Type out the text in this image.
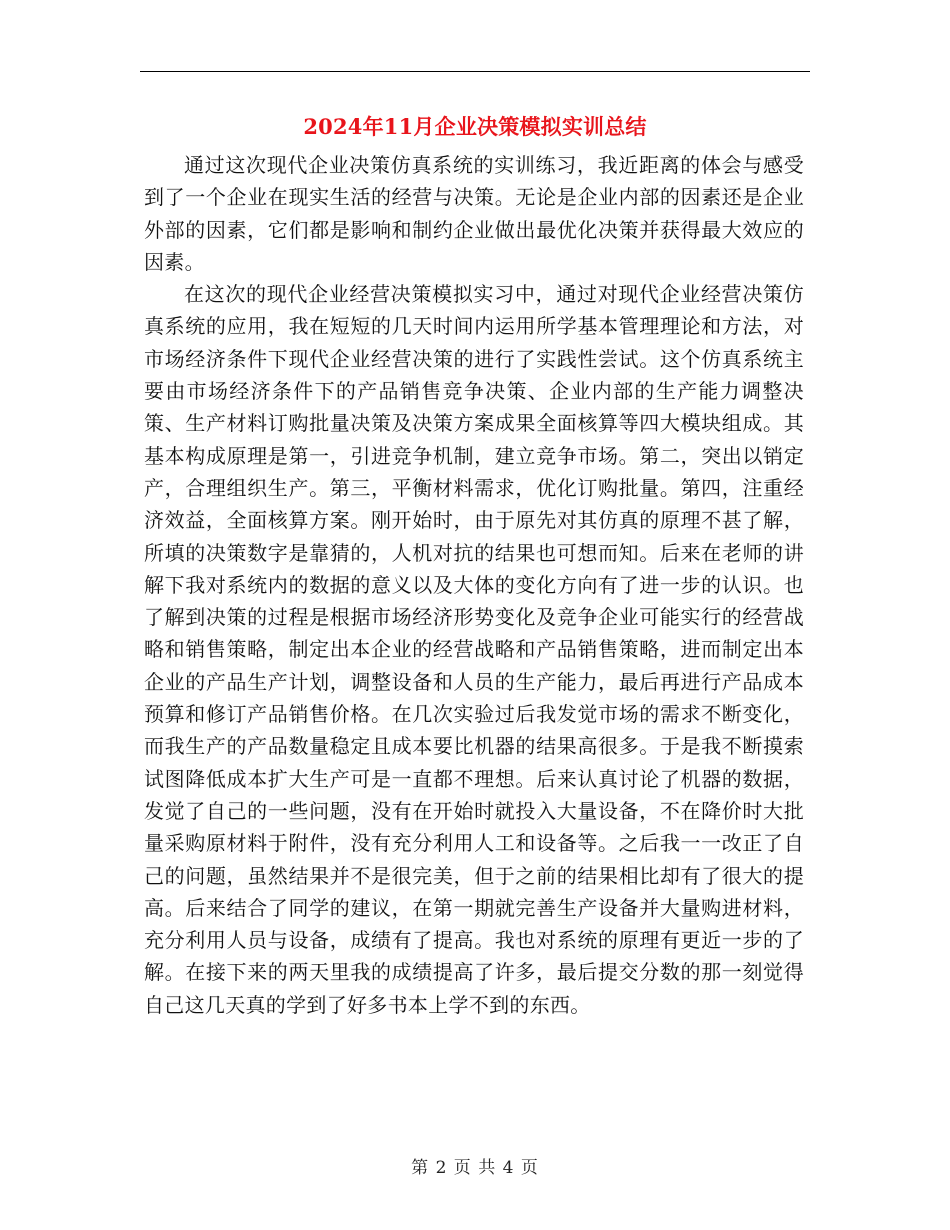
2024年11月企业决策模拟实训总结

通过这次现代企业决策仿真系统的实训练习，我近距离的体会与感受到了一个企业在现实生活的经营与决策。无论是企业内部的因素还是企业外部的因素，它们都是影响和制约企业做出最优化决策并获得最大效应的因素。

在这次的现代企业经营决策模拟实习中，通过对现代企业经营决策仿真系统的应用，我在短短的几天时间内运用所学基本管理理论和方法，对市场经济条件下现代企业经营决策的进行了实践性尝试。这个仿真系统主要由市场经济条件下的产品销售竞争决策、企业内部的生产能力调整决策、生产材料订购批量决策及决策方案成果全面核算等四大模块组成。其基本构成原理是第一，引进竞争机制，建立竞争市场。第二，突出以销定产，合理组织生产。第三，平衡材料需求，优化订购批量。第四，注重经济效益，全面核算方案。刚开始时，由于原先对其仿真的原理不甚了解，所填的决策数字是靠猜的，人机对抗的结果也可想而知。后来在老师的讲解下我对系统内的数据的意义以及大体的变化方向有了进一步的认识。也了解到决策的过程是根据市场经济形势变化及竞争企业可能实行的经营战略和销售策略，制定出本企业的经营战略和产品销售策略，进而制定出本企业的产品生产计划，调整设备和人员的生产能力，最后再进行产品成本预算和修订产品销售价格。在几次实验过后我发觉市场的需求不断变化，而我生产的产品数量稳定且成本要比机器的结果高很多。于是我不断摸索试图降低成本扩大生产可是一直都不理想。后来认真讨论了机器的数据，发觉了自己的一些问题，没有在开始时就投入大量设备，不在降价时大批量采购原材料于附件，没有充分利用人工和设备等。之后我一一改正了自己的问题，虽然结果并不是很完美，但于之前的结果相比却有了很大的提高。后来结合了同学的建议，在第一期就完善生产设备并大量购进材料，充分利用人员与设备，成绩有了提高。我也对系统的原理有更近一步的了解。在接下来的两天里我的成绩提高了许多，最后提交分数的那一刻觉得自己这几天真的学到了好多书本上学不到的东西。

第 2 页 共 4 页
